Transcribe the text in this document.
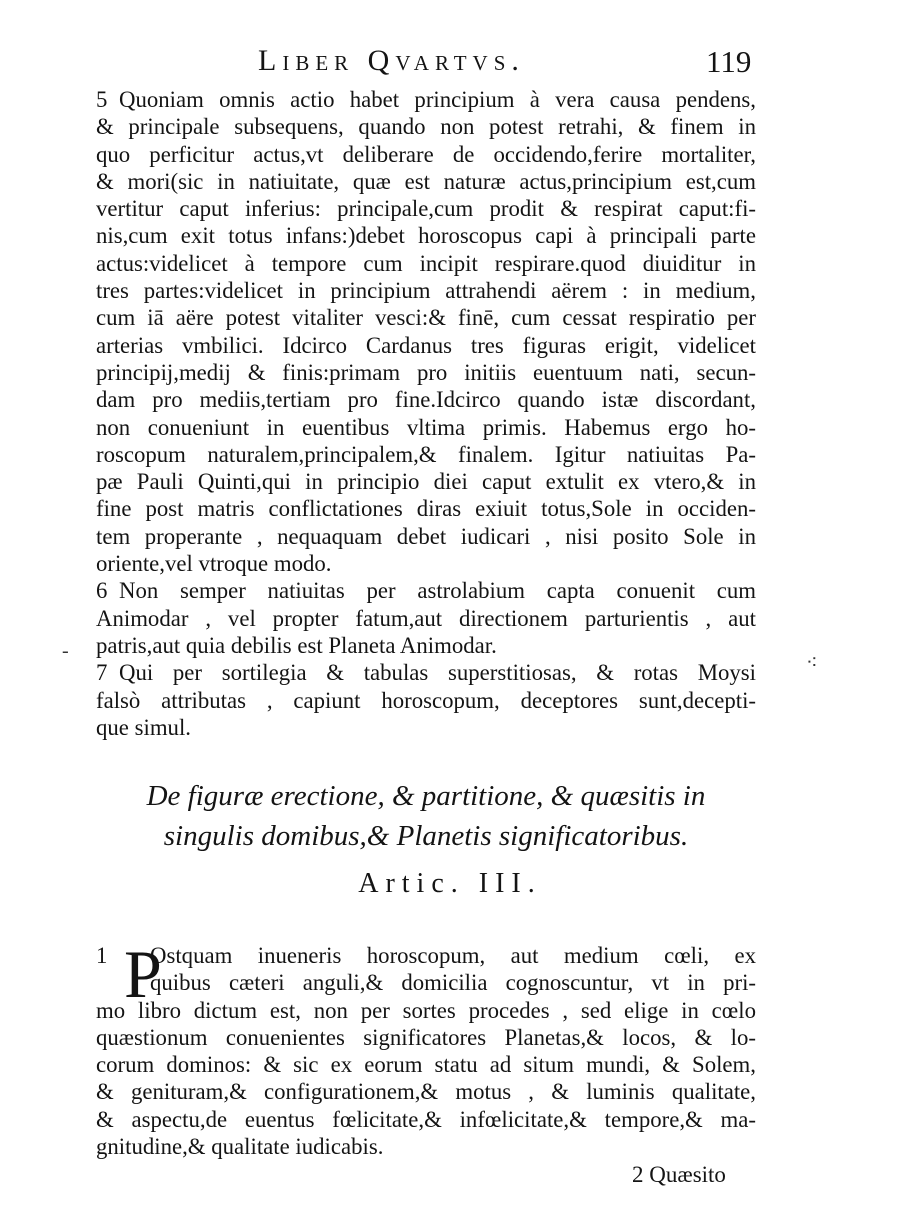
Liber Qvartvs.	119
5 Quoniam omnis actio habet principium à vera causa pendens,
& principale subsequens, quando non potest retrahi, & finem in
quo perficitur actus,vt deliberare de occidendo,ferire mortaliter,
& mori(sic in natiuitate, quæ est naturæ actus,principium est,cum
vertitur caput inferius: principale,cum prodit & respirat caput:fi-
nis,cum exit totus infans:)debet horoscopus capi à principali parte
actus:videlicet à tempore cum incipit respirare.quod diuiditur in
tres partes:videlicet in principium attrahendi aërem : in medium,
cum iā aëre potest vitaliter vesci:& finē, cum cessat respiratio per
arterias vmbilici. Idcirco Cardanus tres figuras erigit, videlicet
principij,medij & finis:primam pro initiis euentuum nati, secun-
dam pro mediis,tertiam pro fine.Idcirco quando istæ discordant,
non conueniunt in euentibus vltima primis. Habemus ergo ho-
roscopum naturalem,principalem,& finalem. Igitur natiuitas Pa-
pæ Pauli Quinti,qui in principio diei caput extulit ex vtero,& in
fine post matris conflictationes diras exiuit totus,Sole in occiden-
tem properante , nequaquam debet iudicari , nisi posito Sole in
oriente,vel vtroque modo.
6 Non semper natiuitas per astrolabium capta conuenit cum
Animodar , vel propter fatum,aut directionem parturientis , aut
patris,aut quia debilis est Planeta Animodar.
7 Qui per sortilegia & tabulas superstitiosas, & rotas Moysi
falsò attributas , capiunt horoscopum, deceptores sunt,decepti-
que simul.
De figuræ erectione, & partitione, & quæsitis in
singulis domibus,& Planetis significatoribus.
Artic. III.
P
1 Ostquam inueneris horoscopum, aut medium cœli, ex
quibus cæteri anguli,& domicilia cognoscuntur, vt in pri-
mo libro dictum est, non per sortes procedes , sed elige in cœlo
quæstionum conuenientes significatores Planetas,& locos, & lo-
corum dominos: & sic ex eorum statu ad situm mundi, & Solem,
& genituram,& configurationem,& motus , & luminis qualitate,
& aspectu,de euentus fœlicitate,& infœlicitate,& tempore,& ma-
gnitudine,& qualitate iudicabis.
2 Quæsito
-
⁖
